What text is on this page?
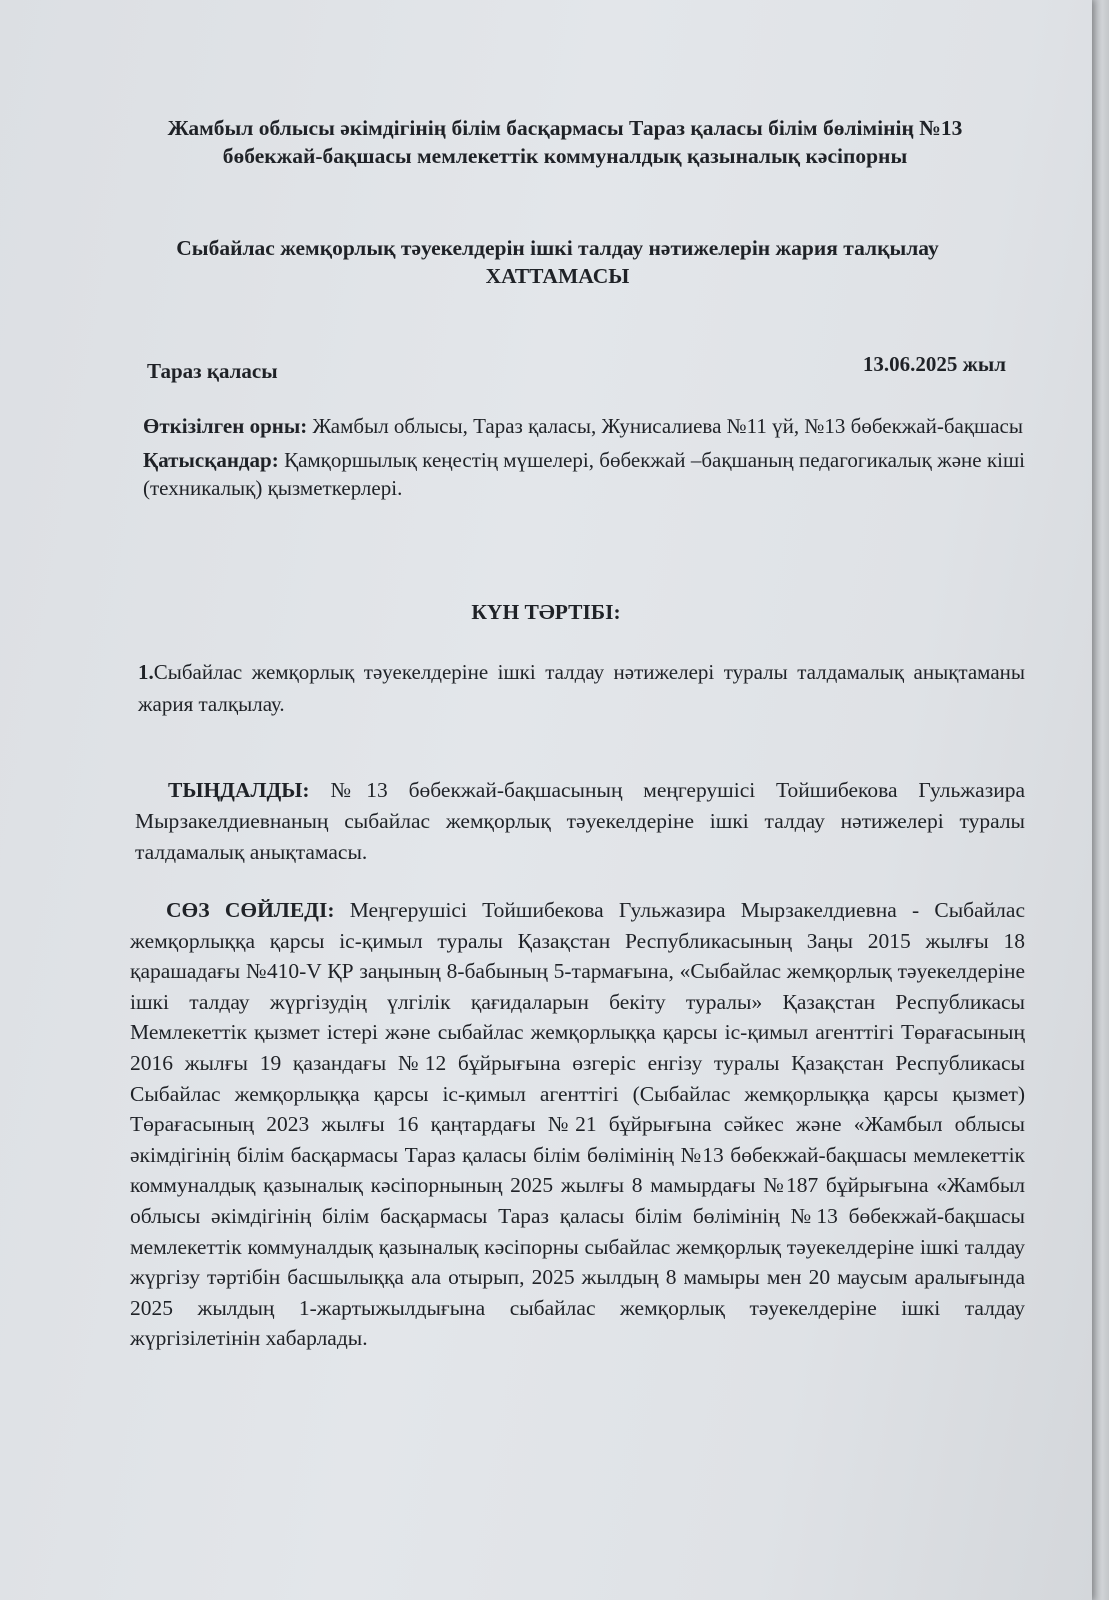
Жамбыл облысы әкімдігінің білім басқармасы Тараз қаласы білім бөлімінің №13 бөбекжай-бақшасы мемлекеттік коммуналдық қазыналық кәсіпорны
Сыбайлас жемқорлық тәуекелдерін ішкі талдау нәтижелерін жария талқылау
ХАТТАМАСЫ
Тараз қаласы	13.06.2025 жыл

Өткізілген орны: Жамбыл облысы, Тараз қаласы, Жунисалиева №11 үй, №13 бөбекжай-бақшасы

Қатысқандар: Қамқоршылық кеңестің мүшелері, бөбекжай –бақшаның педагогикалық және кіші (техникалық) қызметкерлері.

КҮН ТӘРТІБІ:
1.Сыбайлас жемқорлық тәуекелдеріне ішкі талдау нәтижелері туралы талдамалық анықтаманы жария талқылау.
ТЫҢДАЛДЫ: №13 бөбекжай-бақшасының меңгерушісі Тойшибекова Гульжазира Мырзакелдиевнаның сыбайлас жемқорлық тәуекелдеріне ішкі талдау нәтижелері туралы талдамалық анықтамасы.
СӨЗ СӨЙЛЕДІ: Меңгерушісі Тойшибекова Гульжазира Мырзакелдиевна - Сыбайлас жемқорлыққа қарсы іс-қимыл туралы Қазақстан Республикасының Заңы 2015 жылғы 18 қарашадағы №410-V ҚР заңының 8-бабының 5-тармағына, «Сыбайлас жемқорлық тәуекелдеріне ішкі талдау жүргізудің үлгілік қағидаларын бекіту туралы» Қазақстан Республикасы Мемлекеттік қызмет істері және сыбайлас жемқорлыққа қарсы іс-қимыл агенттігі Төрағасының 2016 жылғы 19 қазандағы №12 бұйрығына өзгеріс енгізу туралы Қазақстан Республикасы Сыбайлас жемқорлыққа қарсы іс-қимыл агенттігі (Сыбайлас жемқорлыққа қарсы қызмет) Төрағасының 2023 жылғы 16 қаңтардағы №21 бұйрығына сәйкес және «Жамбыл облысы әкімдігінің білім басқармасы Тараз қаласы білім бөлімінің №13 бөбекжай-бақшасы мемлекеттік коммуналдық қазыналық кәсіпорнының 2025 жылғы 8 мамырдағы №187 бұйрығына «Жамбыл облысы әкімдігінің білім басқармасы Тараз қаласы білім бөлімінің №13 бөбекжай-бақшасы мемлекеттік коммуналдық қазыналық кәсіпорны сыбайлас жемқорлық тәуекелдеріне ішкі талдау жүргізу тәртібін басшылыққа ала отырып, 2025 жылдың 8 мамыры мен 20 маусым аралығында 2025 жылдың 1-жартыжылдығына сыбайлас жемқорлық тәуекелдеріне ішкі талдау жүргізілетінін хабарлады.
